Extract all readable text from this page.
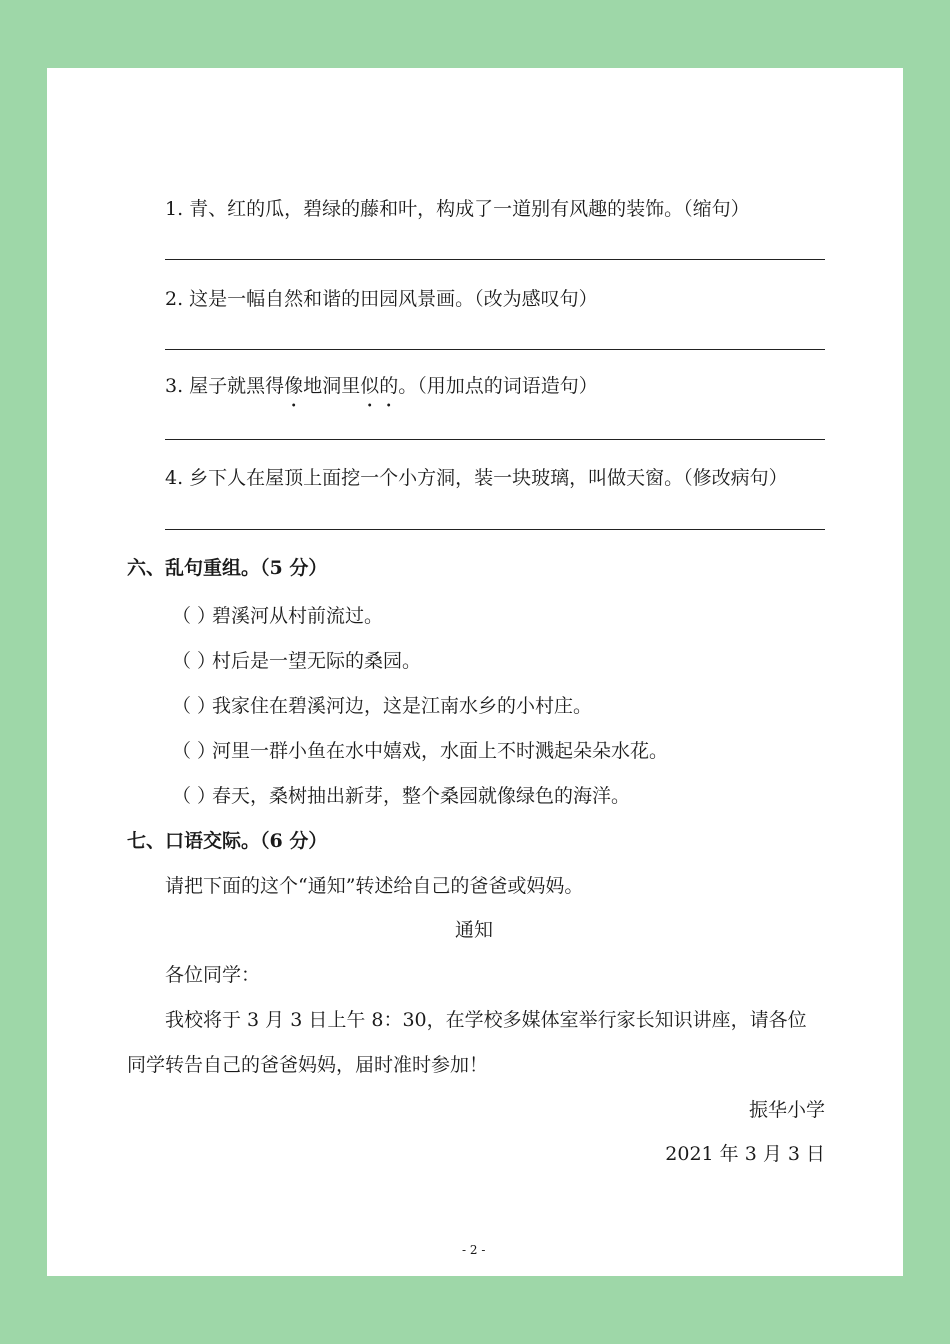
1. 青、红的瓜，碧绿的藤和叶，构成了一道别有风趣的装饰。（缩句）
2. 这是一幅自然和谐的田园风景画。（改为感叹句）
3. 屋子就黑得像地洞里似的。（用加点的词语造句）
4. 乡下人在屋顶上面挖一个小方洞，装一块玻璃，叫做天窗。（修改病句）
六、乱句重组。（5 分）
（ ）碧溪河从村前流过。
（ ）村后是一望无际的桑园。
（ ）我家住在碧溪河边，这是江南水乡的小村庄。
（ ）河里一群小鱼在水中嬉戏，水面上不时溅起朵朵水花。
（ ）春天，桑树抽出新芽，整个桑园就像绿色的海洋。
七、口语交际。（6 分）
请把下面的这个“通知”转述给自己的爸爸或妈妈。
通知
各位同学：
我校将于 3 月 3 日上午 8：30，在学校多媒体室举行家长知识讲座，请各位
同学转告自己的爸爸妈妈，届时准时参加！
振华小学
2021 年 3 月 3 日
- 2 -
